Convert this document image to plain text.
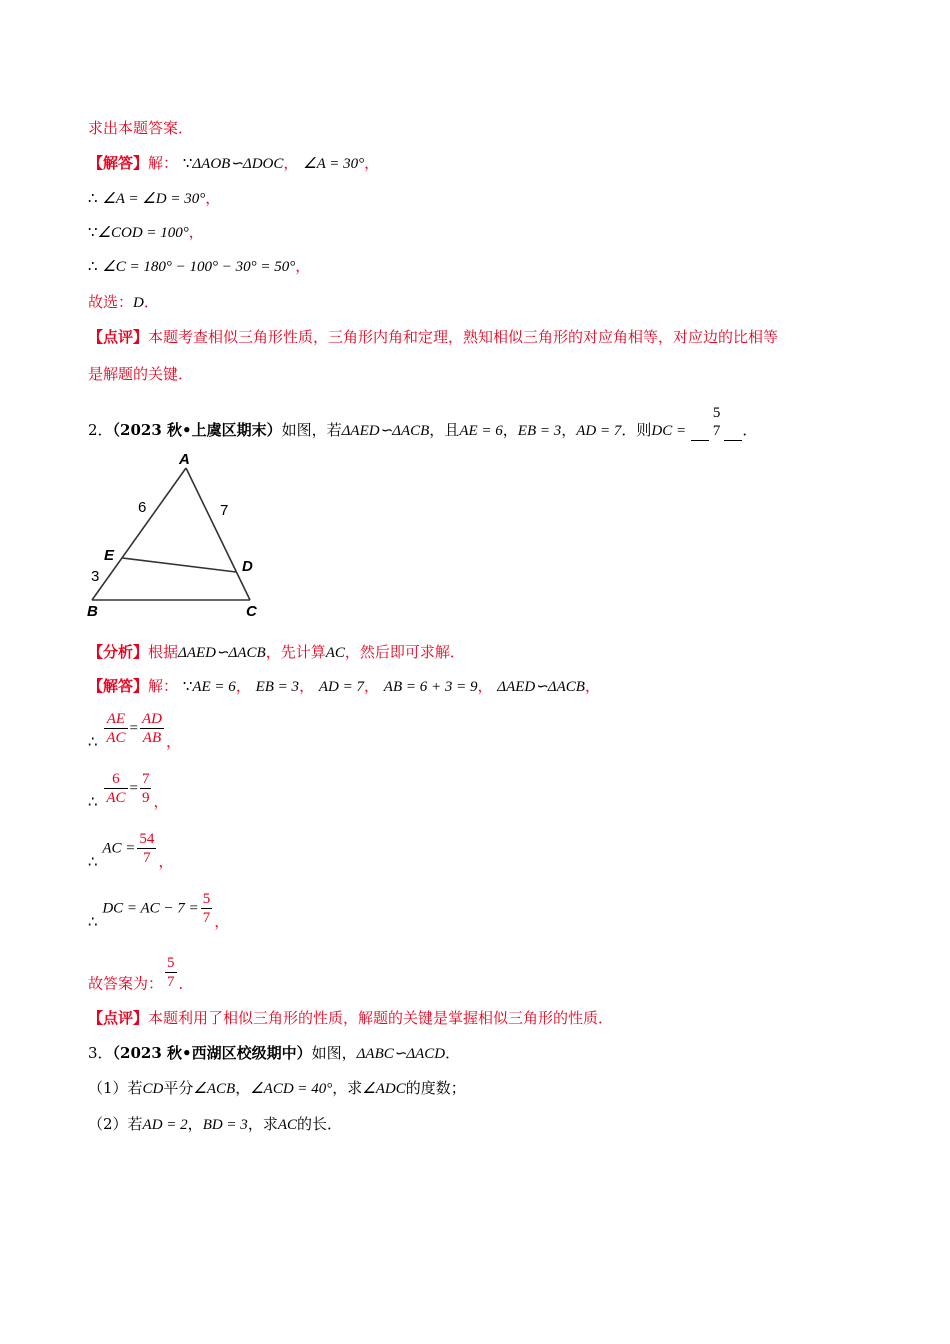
求出本题答案．
【解答】解： ∵ΔAOB∽ΔDOC， ∠A = 30°，
∴ ∠A = ∠D = 30°，
∵∠COD = 100°，
∴ ∠C = 180° − 100° − 30° = 50°，
故选：D．
【点评】本题考查相似三角形性质，三角形内角和定理，熟知相似三角形的对应角相等，对应边的比相等
是解题的关键．
2．（2023 秋•上虞区期末）如图，若ΔAED∽ΔACB，且AE = 6，EB = 3，AD = 7．则DC =
5
7 ．
A
E
D
B	C
6	7
3
【分析】根据ΔAED∽ΔACB，先计算AC，然后即可求解．
【解答】解： ∵AE = 6， EB = 3， AD = 7， AB = 6 + 3 = 9， ΔAED∽ΔACB，
∴ $\frac{AE}{AC} = \frac{AD}{AB}$ ，
∴ $\frac{6}{AC} = \frac{7}{9}$ ，
∴ AC = $\frac{54}{7}$ ，
∴ DC = AC − $7 = \frac{5}{7}$ ，
故答案为： $\frac{5}{7}$ ．
【点评】本题利用了相似三角形的性质，解题的关键是掌握相似三角形的性质．
3．（2023 秋•西湖区校级期中）如图，ΔABC∽ΔACD．
（1）若CD平分∠ACB，∠ACD = 40°，求∠ADC的度数；
（2）若AD = 2，BD = 3，求AC的长．
